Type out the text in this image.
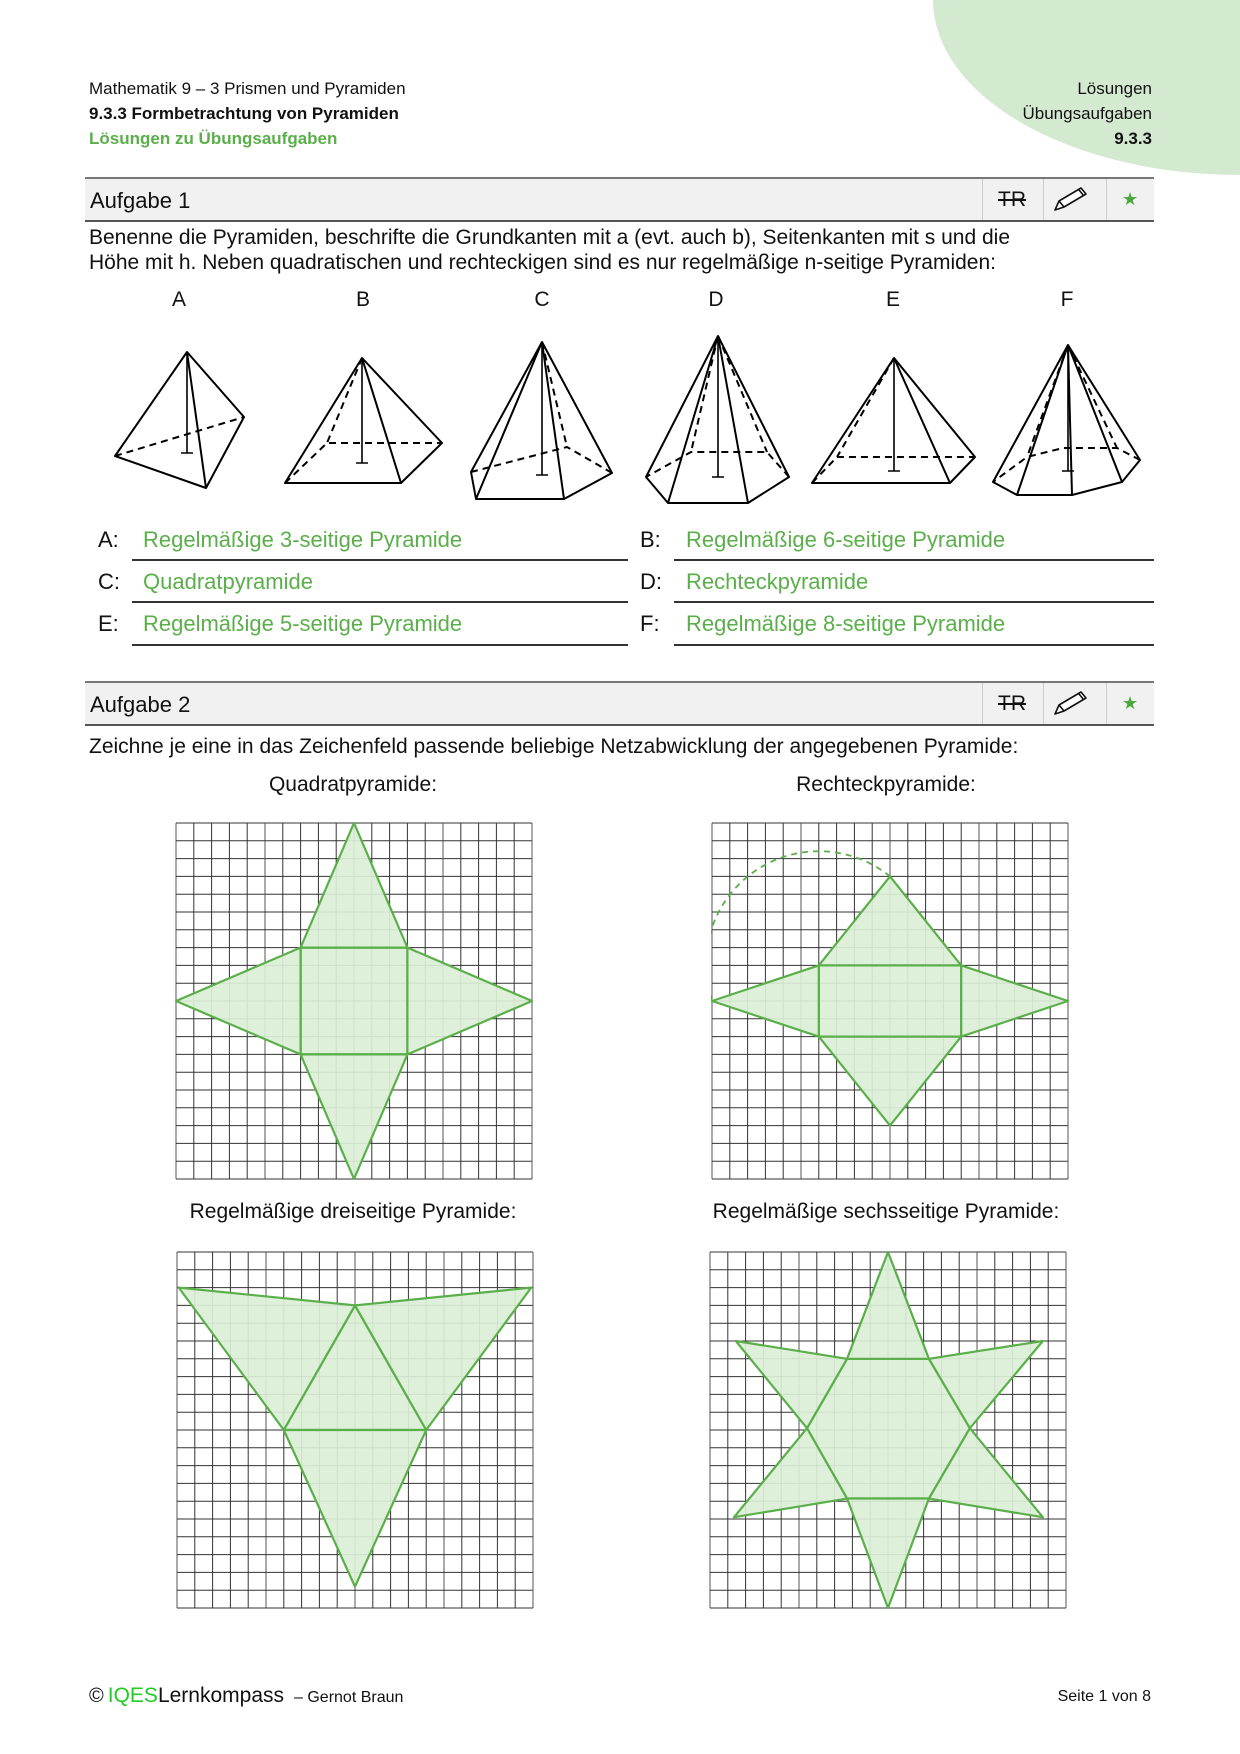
Mathematik 9 – 3 Prismen und Pyramiden
9.3.3 Formbetrachtung von Pyramiden
Lösungen zu Übungsaufgaben
Lösungen
Übungsaufgaben
9.3.3
Aufgabe 1	TR	★
Benenne die Pyramiden, beschrifte die Grundkanten mit a (evt. auch b), Seitenkanten mit s und die
Höhe mit h. Neben quadratischen und rechteckigen sind es nur regelmäßige n-seitige Pyramiden:
A	B	C	D	E	F
A: Regelmäßige 3-seitige Pyramide	B: Regelmäßige 6-seitige Pyramide
C: Quadratpyramide	D: Rechteckpyramide
E: Regelmäßige 5-seitige Pyramide	F: Regelmäßige 8-seitige Pyramide
Aufgabe 2	TR	★
Zeichne je eine in das Zeichenfeld passende beliebige Netzabwicklung der angegebenen Pyramide:
Quadratpyramide:	Rechteckpyramide:
Regelmäßige dreiseitige Pyramide:	Regelmäßige sechsseitige Pyramide:
© IQES Lernkompass – Gernot Braun	Seite 1 von 8
